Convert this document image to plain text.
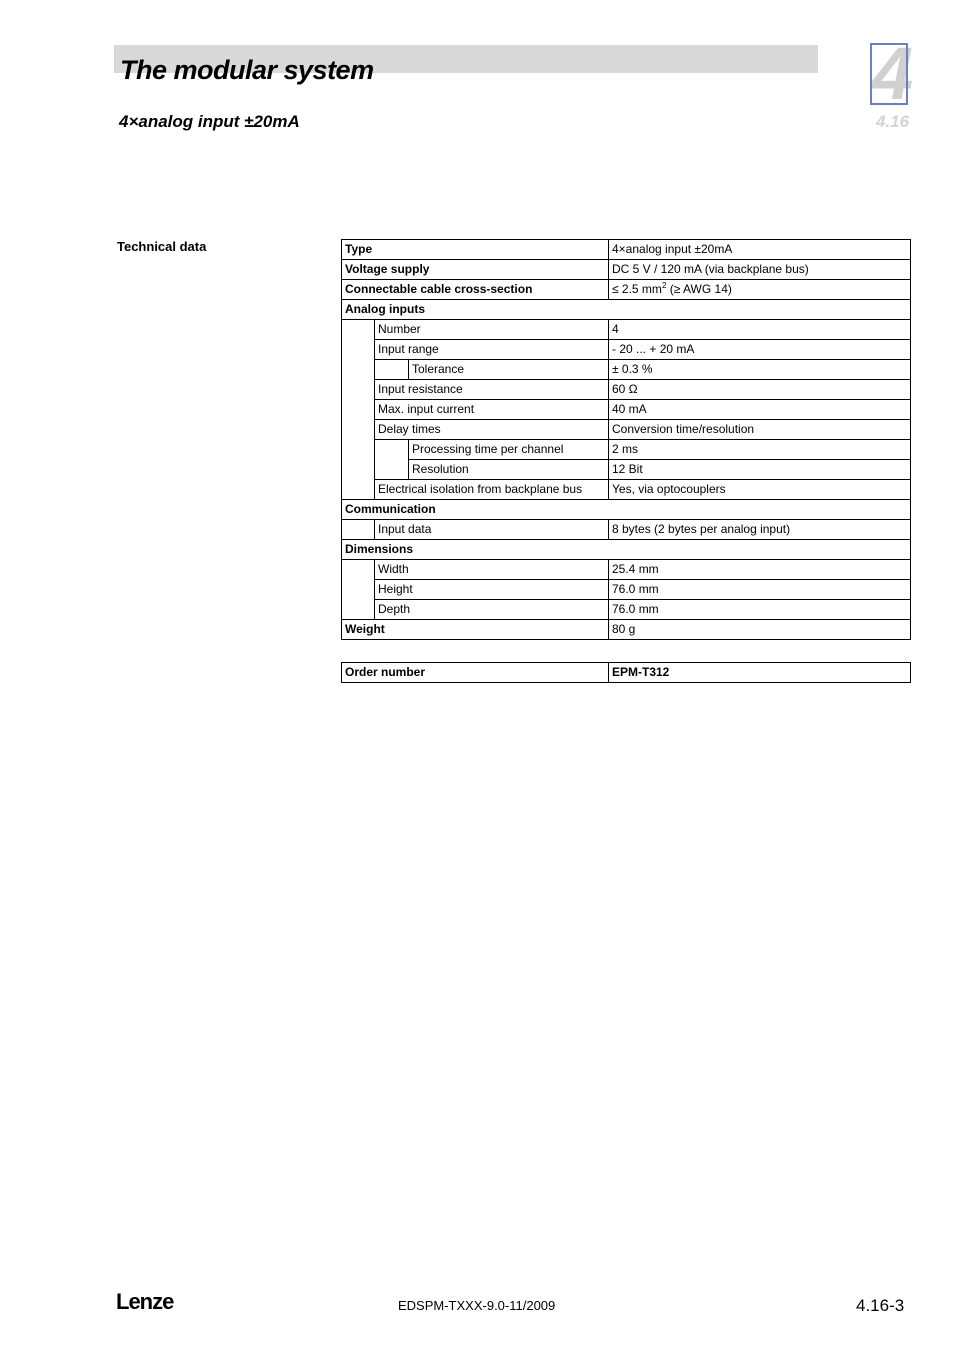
The modular system
4×analog input ±20mA
4
4.16
Technical data	Type			4×analog input ±20mA
Voltage supply			DC 5 V / 120 mA (via backplane bus)
Connectable cable cross-section			≤ 2.5 $mm^2$ (≥ AWG 14)
Analog inputs			
	Number		4
	Input range		- 20 ... + 20 mA
		Tolerance	± 0.3 %
	Input resistance		60 Ω
	Max. input current		40 mA
	Delay times		Conversion time/resolution
		Processing time per channel	2 ms
		Resolution	12 Bit
	Electrical isolation from backplane bus		Yes, via optocouplers
Communication			
	Input data		8 bytes (2 bytes per analog input)
Dimensions			
	Width		25.4 mm
	Height		76.0 mm
	Depth		76.0 mm
Weight			80 g
Order number	EPM-T312
Lenze	EDSPM-TXXX-9.0-11/2009	4.16-3
